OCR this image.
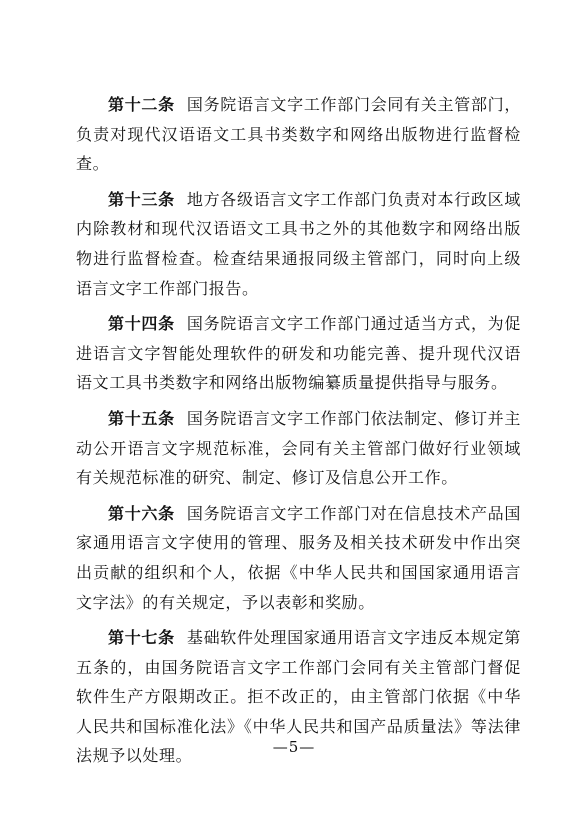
第十二条 国务院语言文字工作部门会同有关主管部门，负责对现代汉语语文工具书类数字和网络出版物进行监督检查。

第十三条 地方各级语言文字工作部门负责对本行政区域内除教材和现代汉语语文工具书之外的其他数字和网络出版物进行监督检查。检查结果通报同级主管部门，同时向上级语言文字工作部门报告。

第十四条 国务院语言文字工作部门通过适当方式，为促进语言文字智能处理软件的研发和功能完善、提升现代汉语语文工具书类数字和网络出版物编纂质量提供指导与服务。

第十五条 国务院语言文字工作部门依法制定、修订并主动公开语言文字规范标准，会同有关主管部门做好行业领域有关规范标准的研究、制定、修订及信息公开工作。

第十六条 国务院语言文字工作部门对在信息技术产品国家通用语言文字使用的管理、服务及相关技术研发中作出突出贡献的组织和个人，依据《中华人民共和国国家通用语言文字法》的有关规定，予以表彰和奖励。

第十七条 基础软件处理国家通用语言文字违反本规定第五条的，由国务院语言文字工作部门会同有关主管部门督促软件生产方限期改正。拒不改正的，由主管部门依据《中华人民共和国标准化法》《中华人民共和国产品质量法》等法律法规予以处理。	—5—
